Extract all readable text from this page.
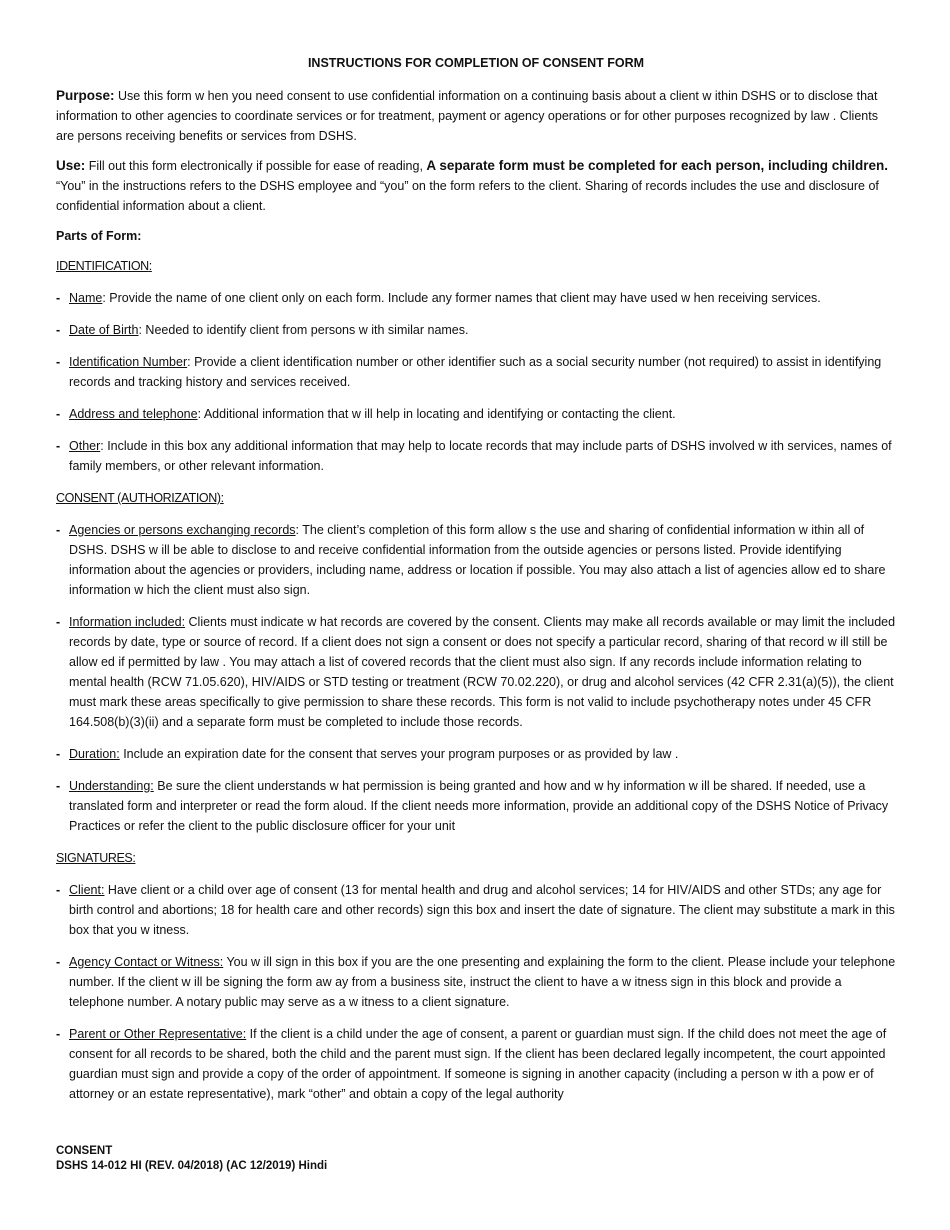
INSTRUCTIONS FOR COMPLETION OF CONSENT FORM

Purpose: Use this form w hen you need consent to use confidential information on a continuing basis about a client w ithin DSHS or to disclose that information to other agencies to coordinate services or for treatment, payment or agency operations or for other purposes recognized by law . Clients are persons receiving benefits or services from DSHS.

Use: Fill out this form electronically if possible for ease of reading, A separate form must be completed for each person, including children. “You” in the instructions refers to the DSHS employee and “you” on the form refers to the client. Sharing of records includes the use and disclosure of confidential information about a client.

Parts of Form:

IDENTIFICATION:
- Name: Provide the name of one client only on each form. Include any former names that client may have used w hen receiving services.
- Date of Birth: Needed to identify client from persons w ith similar names.
- Identification Number: Provide a client identification number or other identifier such as a social security number (not required) to assist in identifying records and tracking history and services received.
- Address and telephone: Additional information that w ill help in locating and identifying or contacting the client.
- Other: Include in this box any additional information that may help to locate records that may include parts of DSHS involved w ith services, names of family members, or other relevant information.
CONSENT (AUTHORIZATION):
- Agencies or persons exchanging records: The client’s completion of this form allow s the use and sharing of confidential information w ithin all of DSHS. DSHS w ill be able to disclose to and receive confidential information from the outside agencies or persons listed. Provide identifying information about the agencies or providers, including name, address or location if possible. You may also attach a list of agencies allow ed to share information w hich the client must also sign.
- Information included: Clients must indicate w hat records are covered by the consent. Clients may make all records available or may limit the included records by date, type or source of record. If a client does not sign a consent or does not specify a particular record, sharing of that record w ill still be allow ed if permitted by law . You may attach a list of covered records that the client must also sign. If any records include information relating to mental health (RCW 71.05.620), HIV/AIDS or STD testing or treatment (RCW 70.02.220), or drug and alcohol services (42 CFR 2.31(a)(5)), the client must mark these areas specifically to give permission to share these records. This form is not valid to include psychotherapy notes under 45 CFR 164.508(b)(3)(ii) and a separate form must be completed to include those records.
- Duration: Include an expiration date for the consent that serves your program purposes or as provided by law .
- Understanding: Be sure the client understands w hat permission is being granted and how and w hy information w ill be shared. If needed, use a translated form and interpreter or read the form aloud. If the client needs more information, provide an additional copy of the DSHS Notice of Privacy Practices or refer the client to the public disclosure officer for your unit
SIGNATURES:
- Client: Have client or a child over age of consent (13 for mental health and drug and alcohol services; 14 for HIV/AIDS and other STDs; any age for birth control and abortions; 18 for health care and other records) sign this box and insert the date of signature. The client may substitute a mark in this box that you w itness.
- Agency Contact or Witness: You w ill sign in this box if you are the one presenting and explaining the form to the client. Please include your telephone number. If the client w ill be signing the form aw ay from a business site, instruct the client to have a w itness sign in this block and provide a telephone number. A notary public may serve as a w itness to a client signature.
- Parent or Other Representative: If the client is a child under the age of consent, a parent or guardian must sign. If the child does not meet the age of consent for all records to be shared, both the child and the parent must sign. If the client has been declared legally incompetent, the court appointed guardian must sign and provide a copy of the order of appointment. If someone is signing in another capacity (including a person w ith a pow er of attorney or an estate representative), mark “other” and obtain a copy of the legal authority
CONSENT
DSHS 14-012 HI (REV. 04/2018) (AC 12/2019) Hindi
